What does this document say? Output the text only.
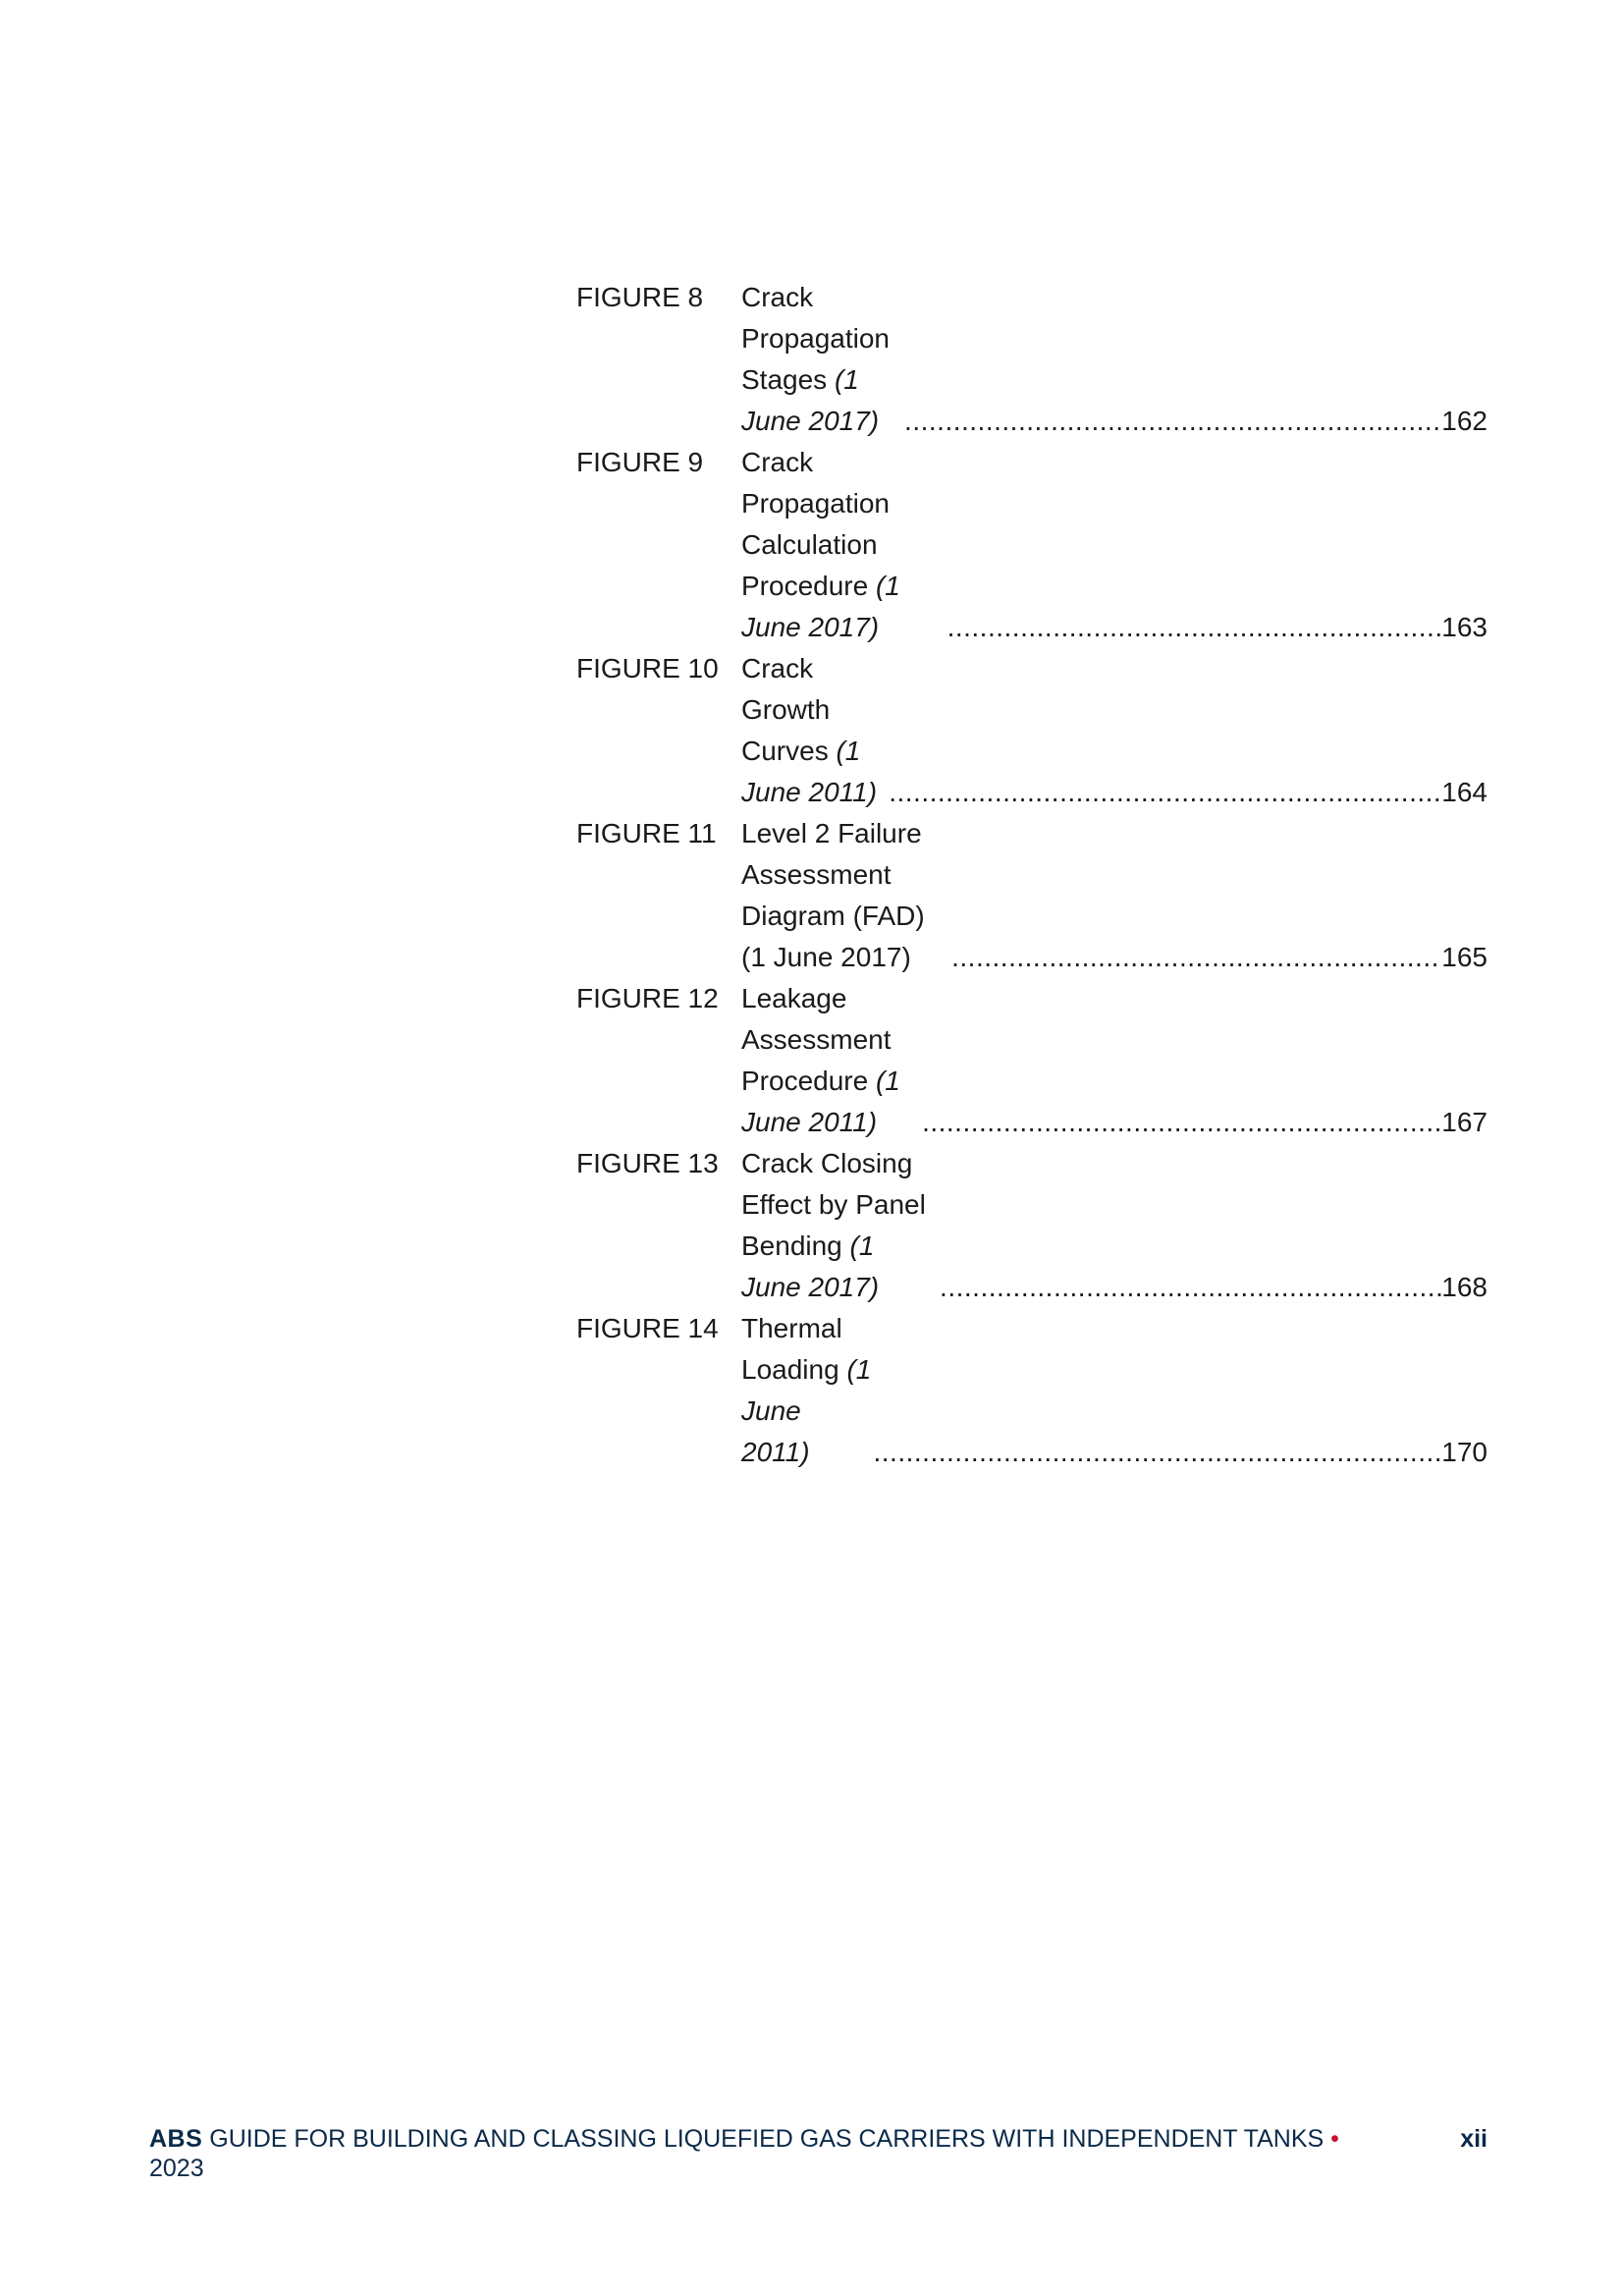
FIGURE 8	Crack Propagation Stages (1 June 2017) .....	162
FIGURE 9	Crack Propagation Calculation Procedure (1 June 2017) .....	163
FIGURE 10 Crack Growth Curves (1 June 2011) .....	164
FIGURE 11 Level 2 Failure Assessment Diagram (FAD) (1 June 2017) .....	165
FIGURE 12 Leakage Assessment Procedure (1 June 2011) .....	167
FIGURE 13 Crack Closing Effect by Panel Bending (1 June 2017) .....	168
FIGURE 14 Thermal Loading (1 June 2011) .....	170
ABS GUIDE FOR BUILDING AND CLASSING LIQUEFIED GAS CARRIERS WITH INDEPENDENT TANKS •
2023
xii
